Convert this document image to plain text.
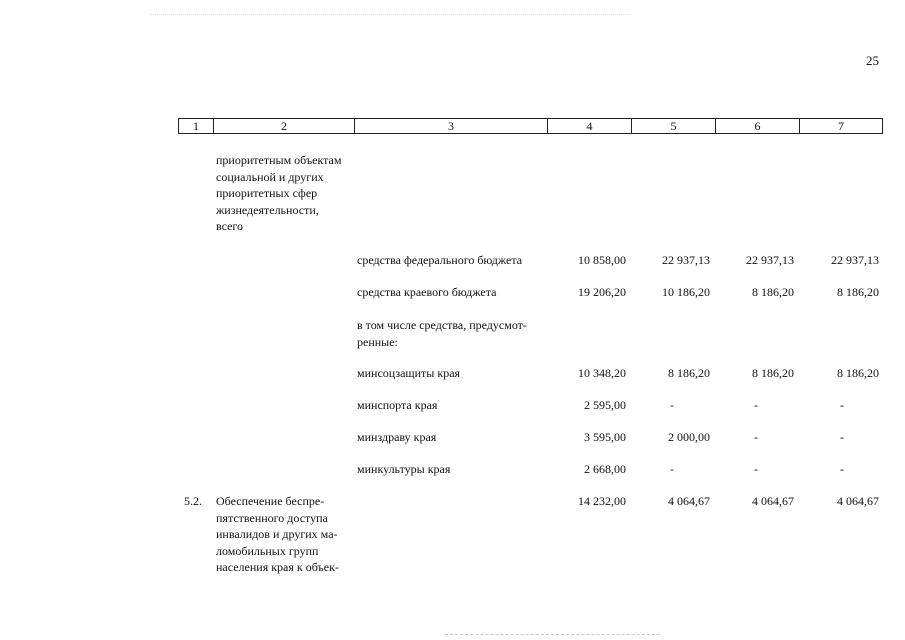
25
1	2	3	4	5	6	7
приоритетным объектам
социальной и других
приоритетных сфер
жизнедеятельности,
всего
средства федерального бюджета	10 858,00	22 937,13	22 937,13	22 937,13
средства краевого бюджета	19 206,20	10 186,20	8 186,20	8 186,20
в том числе средства, предусмот-
ренные:
минсоцзащиты края	10 348,20	8 186,20	8 186,20	8 186,20
минспорта края	2 595,00	-	-	-
минздраву края	3 595,00	2 000,00	-	-
минкультуры края	2 668,00	-	-	-
5.2. Обеспечение беспре-
пятственного доступа
инвалидов и других ма-
ломобильных групп
населения края к объек-
14 232,00	4 064,67	4 064,67	4 064,67
